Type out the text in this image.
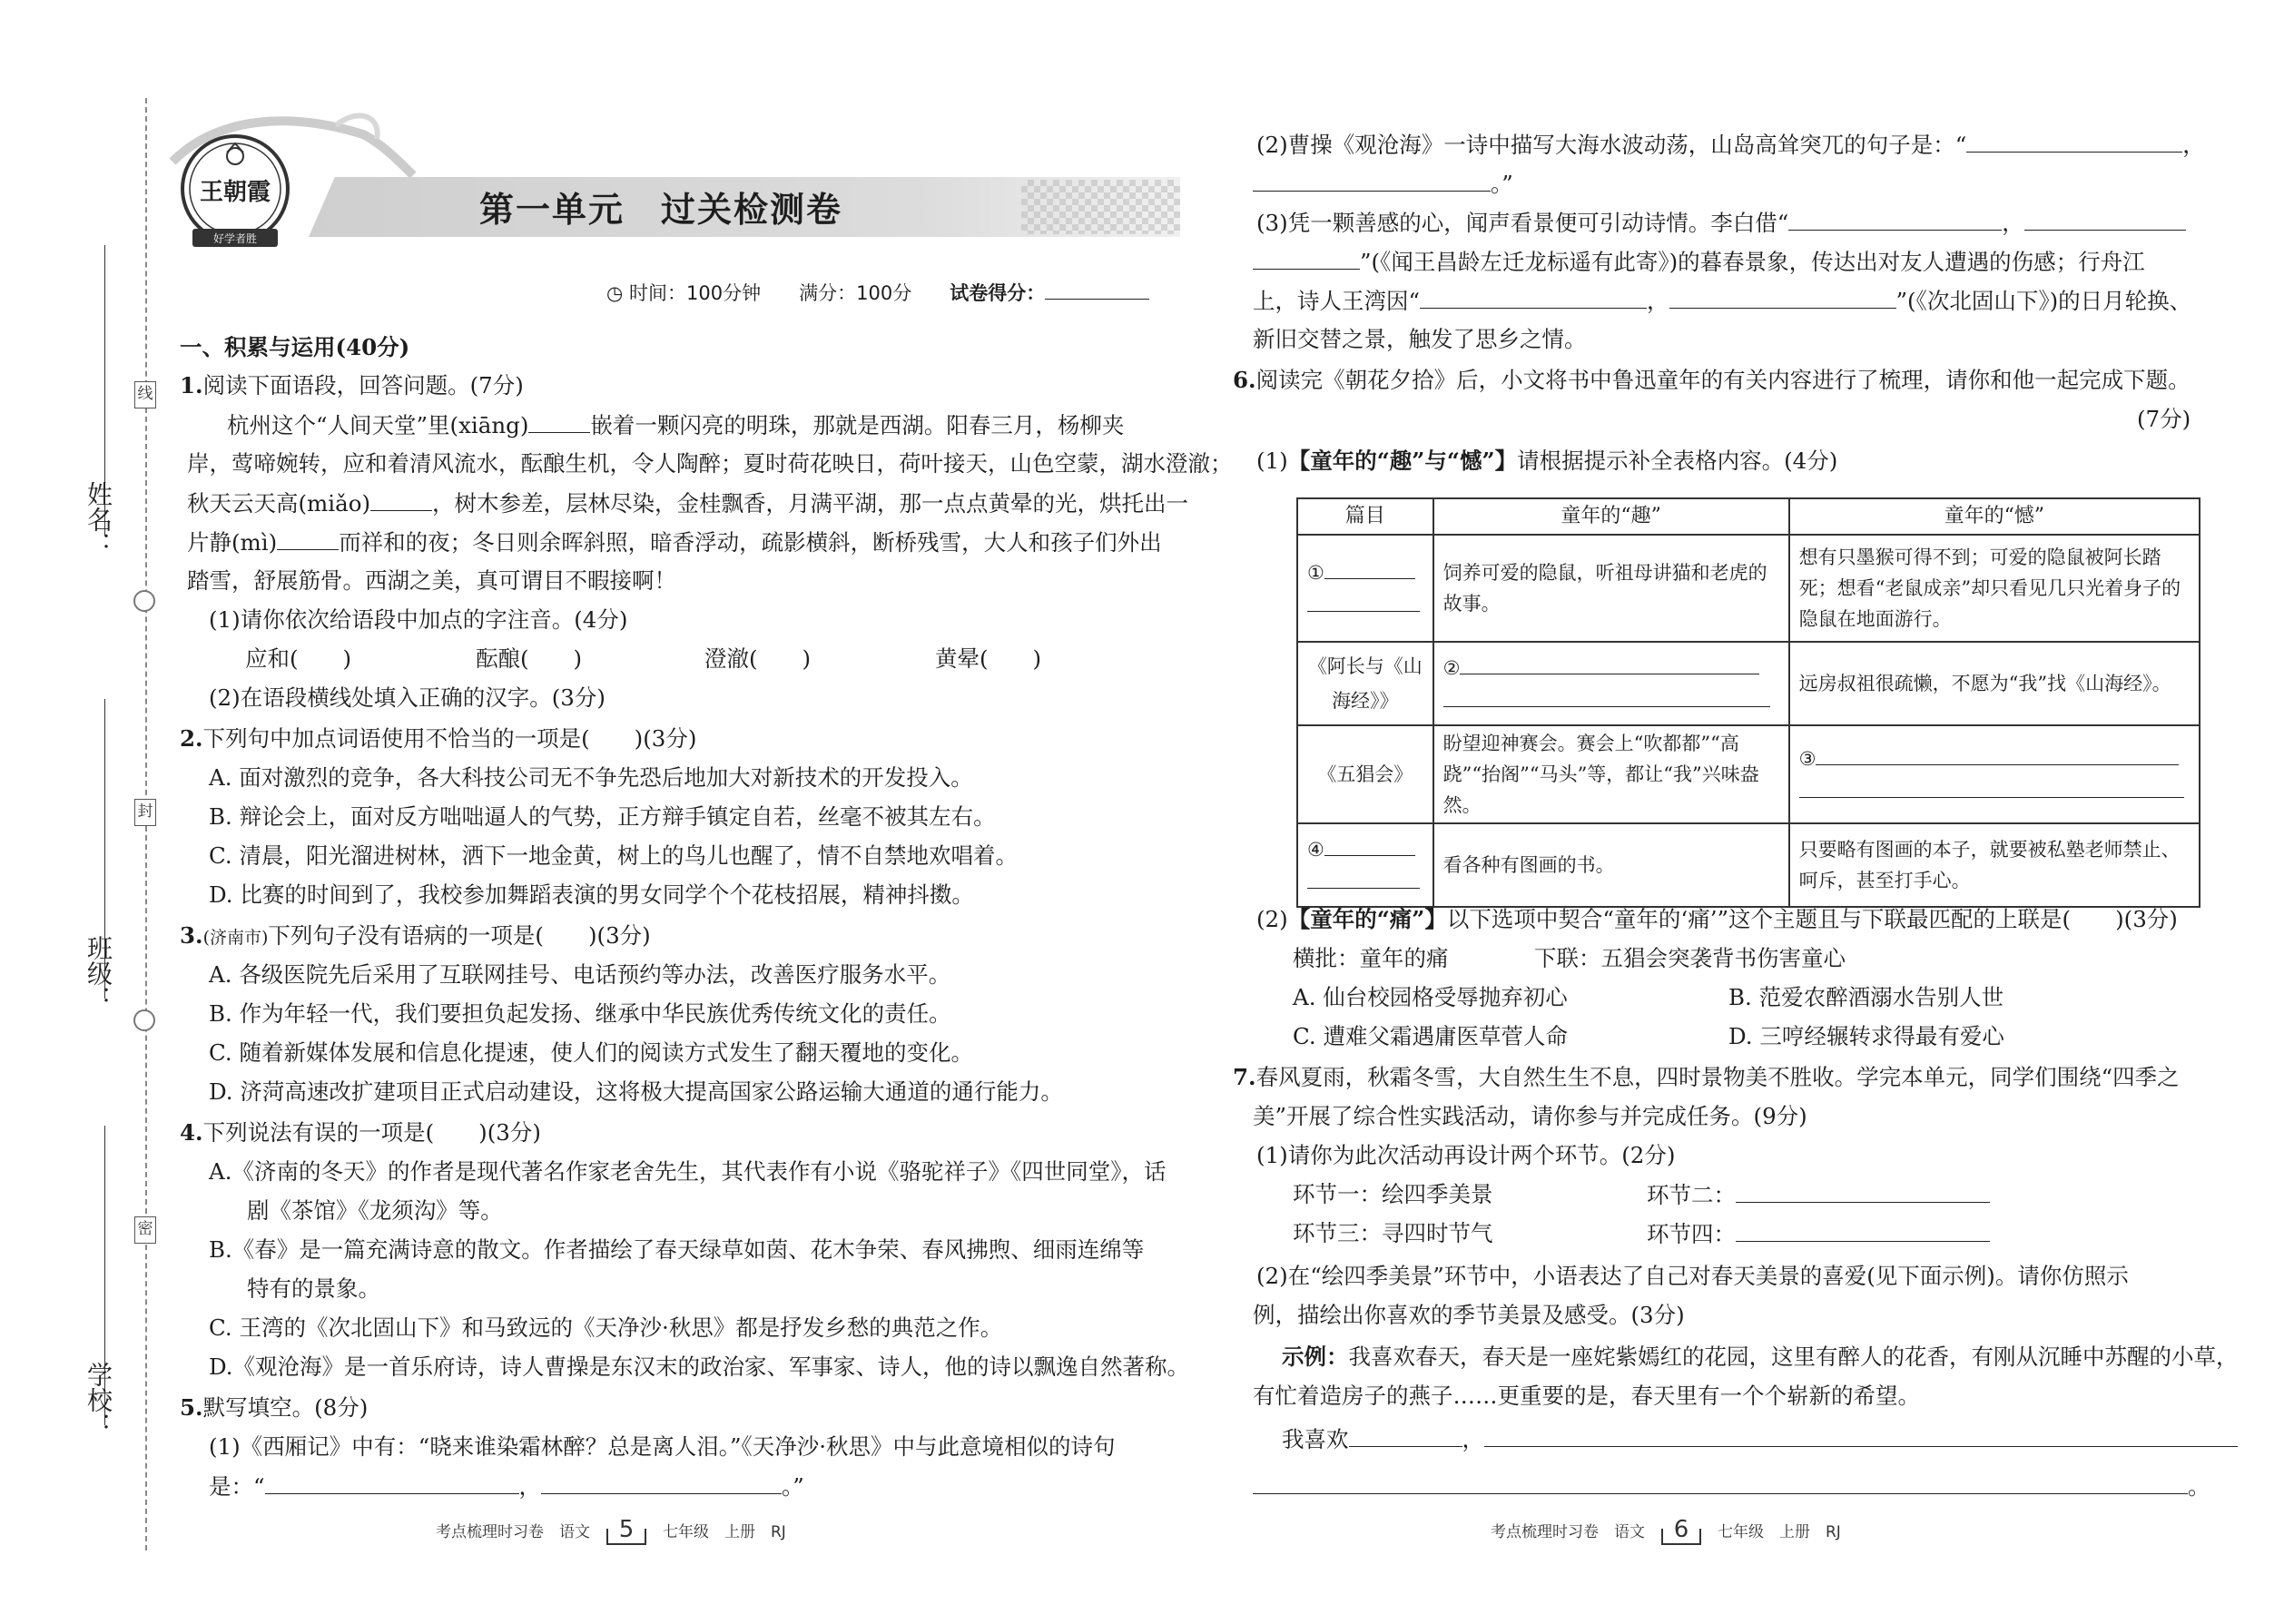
姓名：
班级：
学校：
线
封
密
王朝霞
好学者胜
第一单元　过关检测卷
◷ 时间：100分钟　　 满分：100分　　 试卷得分：
一、积累与运用(40分)
1.阅读下面语段，回答问题。(7分)
杭州这个“人间天堂”里(xiāng)	嵌着一颗闪亮的明珠，那就是西湖。阳春三月，杨柳夹
岸，莺啼婉转，应和着清风流水，酝酿生机，令人陶醉；夏时荷花映日，荷叶接天，山色空蒙，湖水澄澈；
秋天云天高(miǎo)	，树木参差，层林尽染，金桂飘香，月满平湖，那一点点黄晕的光，烘托出一
片静(mì)	而祥和的夜；冬日则余晖斜照，暗香浮动，疏影横斜，断桥残雪，大人和孩子们外出
踏雪，舒展筋骨。西湖之美，真可谓目不暇接啊！
(1)请你依次给语段中加点的字注音。(4分)
应和(　　)	酝酿(　　)	澄澈(　　)	黄晕(　　)
(2)在语段横线处填入正确的汉字。(3分)
2.下列句中加点词语使用不恰当的一项是(　　)(3分)
A. 面对激烈的竞争，各大科技公司无不争先恐后地加大对新技术的开发投入。
B. 辩论会上，面对反方咄咄逼人的气势，正方辩手镇定自若，丝毫不被其左右。
C. 清晨，阳光溜进树林，洒下一地金黄，树上的鸟儿也醒了，情不自禁地欢唱着。
D. 比赛的时间到了，我校参加舞蹈表演的男女同学个个花枝招展，精神抖擞。
3.(济南市)下列句子没有语病的一项是(　　)(3分)
A. 各级医院先后采用了互联网挂号、电话预约等办法，改善医疗服务水平。
B. 作为年轻一代，我们要担负起发扬、继承中华民族优秀传统文化的责任。
C. 随着新媒体发展和信息化提速，使人们的阅读方式发生了翻天覆地的变化。
D. 济菏高速改扩建项目正式启动建设，这将极大提高国家公路运输大通道的通行能力。
4.下列说法有误的一项是(　　)(3分)
A.《济南的冬天》的作者是现代著名作家老舍先生，其代表作有小说《骆驼祥子》《四世同堂》，话
剧《茶馆》《龙须沟》等。
B.《春》是一篇充满诗意的散文。作者描绘了春天绿草如茵、花木争荣、春风拂煦、细雨连绵等
特有的景象。
C. 王湾的《次北固山下》和马致远的《天净沙·秋思》都是抒发乡愁的典范之作。
D.《观沧海》是一首乐府诗，诗人曹操是东汉末的政治家、军事家、诗人，他的诗以飘逸自然著称。
5.默写填空。(8分)
(1)《西厢记》中有：“晓来谁染霜林醉？总是离人泪。”《天净沙·秋思》中与此意境相似的诗句
是：“	，	。”
(2)曹操《观沧海》一诗中描写大海水波动荡，山岛高耸突兀的句子是：“	，
。”
(3)凭一颗善感的心，闻声看景便可引动诗情。李白借“	，
”(《闻王昌龄左迁龙标遥有此寄》)的暮春景象，传达出对友人遭遇的伤感；行舟江
上，诗人王湾因“	，	”(《次北固山下》)的日月轮换、
新旧交替之景，触发了思乡之情。
6.阅读完《朝花夕拾》后，小文将书中鲁迅童年的有关内容进行了梳理，请你和他一起完成下题。
(7分)
(1)【童年的“趣”与“憾”】请根据提示补全表格内容。(4分)
篇目	童年的“趣”	童年的“憾”
①	饲养可爱的隐鼠，听祖母讲猫和老虎的故事。	想有只墨猴可得不到；可爱的隐鼠被阿长踏死；想看“老鼠成亲”却只看见几只光着身子的隐鼠在地面游行。
《阿长与《山海经》》	②	远房叔祖很疏懒，不愿为“我”找《山海经》。
《五猖会》	盼望迎神赛会。赛会上“吹都都”“高跷”“抬阁”“马头”等，都让“我”兴味盎然。	③

④	看各种有图画的书。	只要略有图画的本子，就要被私塾老师禁止、呵斥，甚至打手心。
(2)【童年的“痛”】以下选项中契合“童年的‘痛’”这个主题且与下联最匹配的上联是(　　)(3分)
横批：童年的痛	下联：五猖会突袭背书伤害童心
A. 仙台校园格受辱抛弃初心	B. 范爱农醉酒溺水告别人世
C. 遭难父霜遇庸医草菅人命	D. 三哼经辗转求得最有爱心
7.春风夏雨，秋霜冬雪，大自然生生不息，四时景物美不胜收。学完本单元，同学们围绕“四季之
美”开展了综合性实践活动，请你参与并完成任务。(9分)
(1)请你为此次活动再设计两个环节。(2分)
环节一：绘四季美景	环节二：
环节三：寻四时节气	环节四：
(2)在“绘四季美景”环节中，小语表达了自己对春天美景的喜爱(见下面示例)。请你仿照示
例，描绘出你喜欢的季节美景及感受。(3分)
示例：我喜欢春天，春天是一座姹紫嫣红的花园，这里有醉人的花香，有刚从沉睡中苏醒的小草，
有忙着造房子的燕子……更重要的是，春天里有一个个崭新的希望。
我喜欢	，
。
考点梳理时习卷　语文 5 七年级　上册　RJ	考点梳理时习卷　语文 6 七年级　上册　RJ
